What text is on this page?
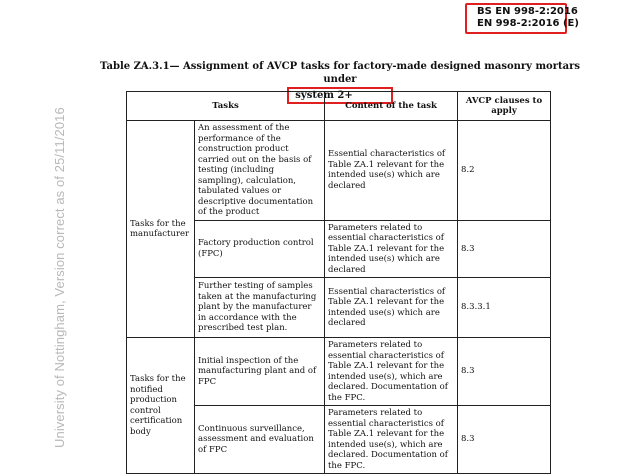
BS EN 998-2:2016
EN 998-2:2016 (E)
University of Nottingham, Version correct as of 25/11/2016
Table ZA.3.1— Assignment of AVCP tasks for factory-made designed masonry mortars under
system 2+
Tasks		Content of the task	AVCP clauses to apply
Tasks for the manufacturer	An assessment of the performance of the construction product carried out on the basis of testing (including sampling), calculation, tabulated values or descriptive documentation of the product	Essential characteristics of Table ZA.1 relevant for the intended use(s) which are declared	8.2
	Factory production control (FPC)	Parameters related to essential characteristics of Table ZA.1 relevant for the intended use(s) which are declared	8.3
	Further testing of samples taken at the manufacturing plant by the manufacturer in accordance with the prescribed test plan.	Essential characteristics of Table ZA.1 relevant for the intended use(s) which are declared	8.3.3.1
Tasks for the notified production control certification body	Initial inspection of the manufacturing plant and of FPC	Parameters related to essential characteristics of Table ZA.1 relevant for the intended use(s), which are declared. Documentation of the FPC.	8.3
	Continuous surveillance, assessment and evaluation of FPC	Parameters related to essential characteristics of Table ZA.1 relevant for the intended use(s), which are declared. Documentation of the FPC.	8.3
